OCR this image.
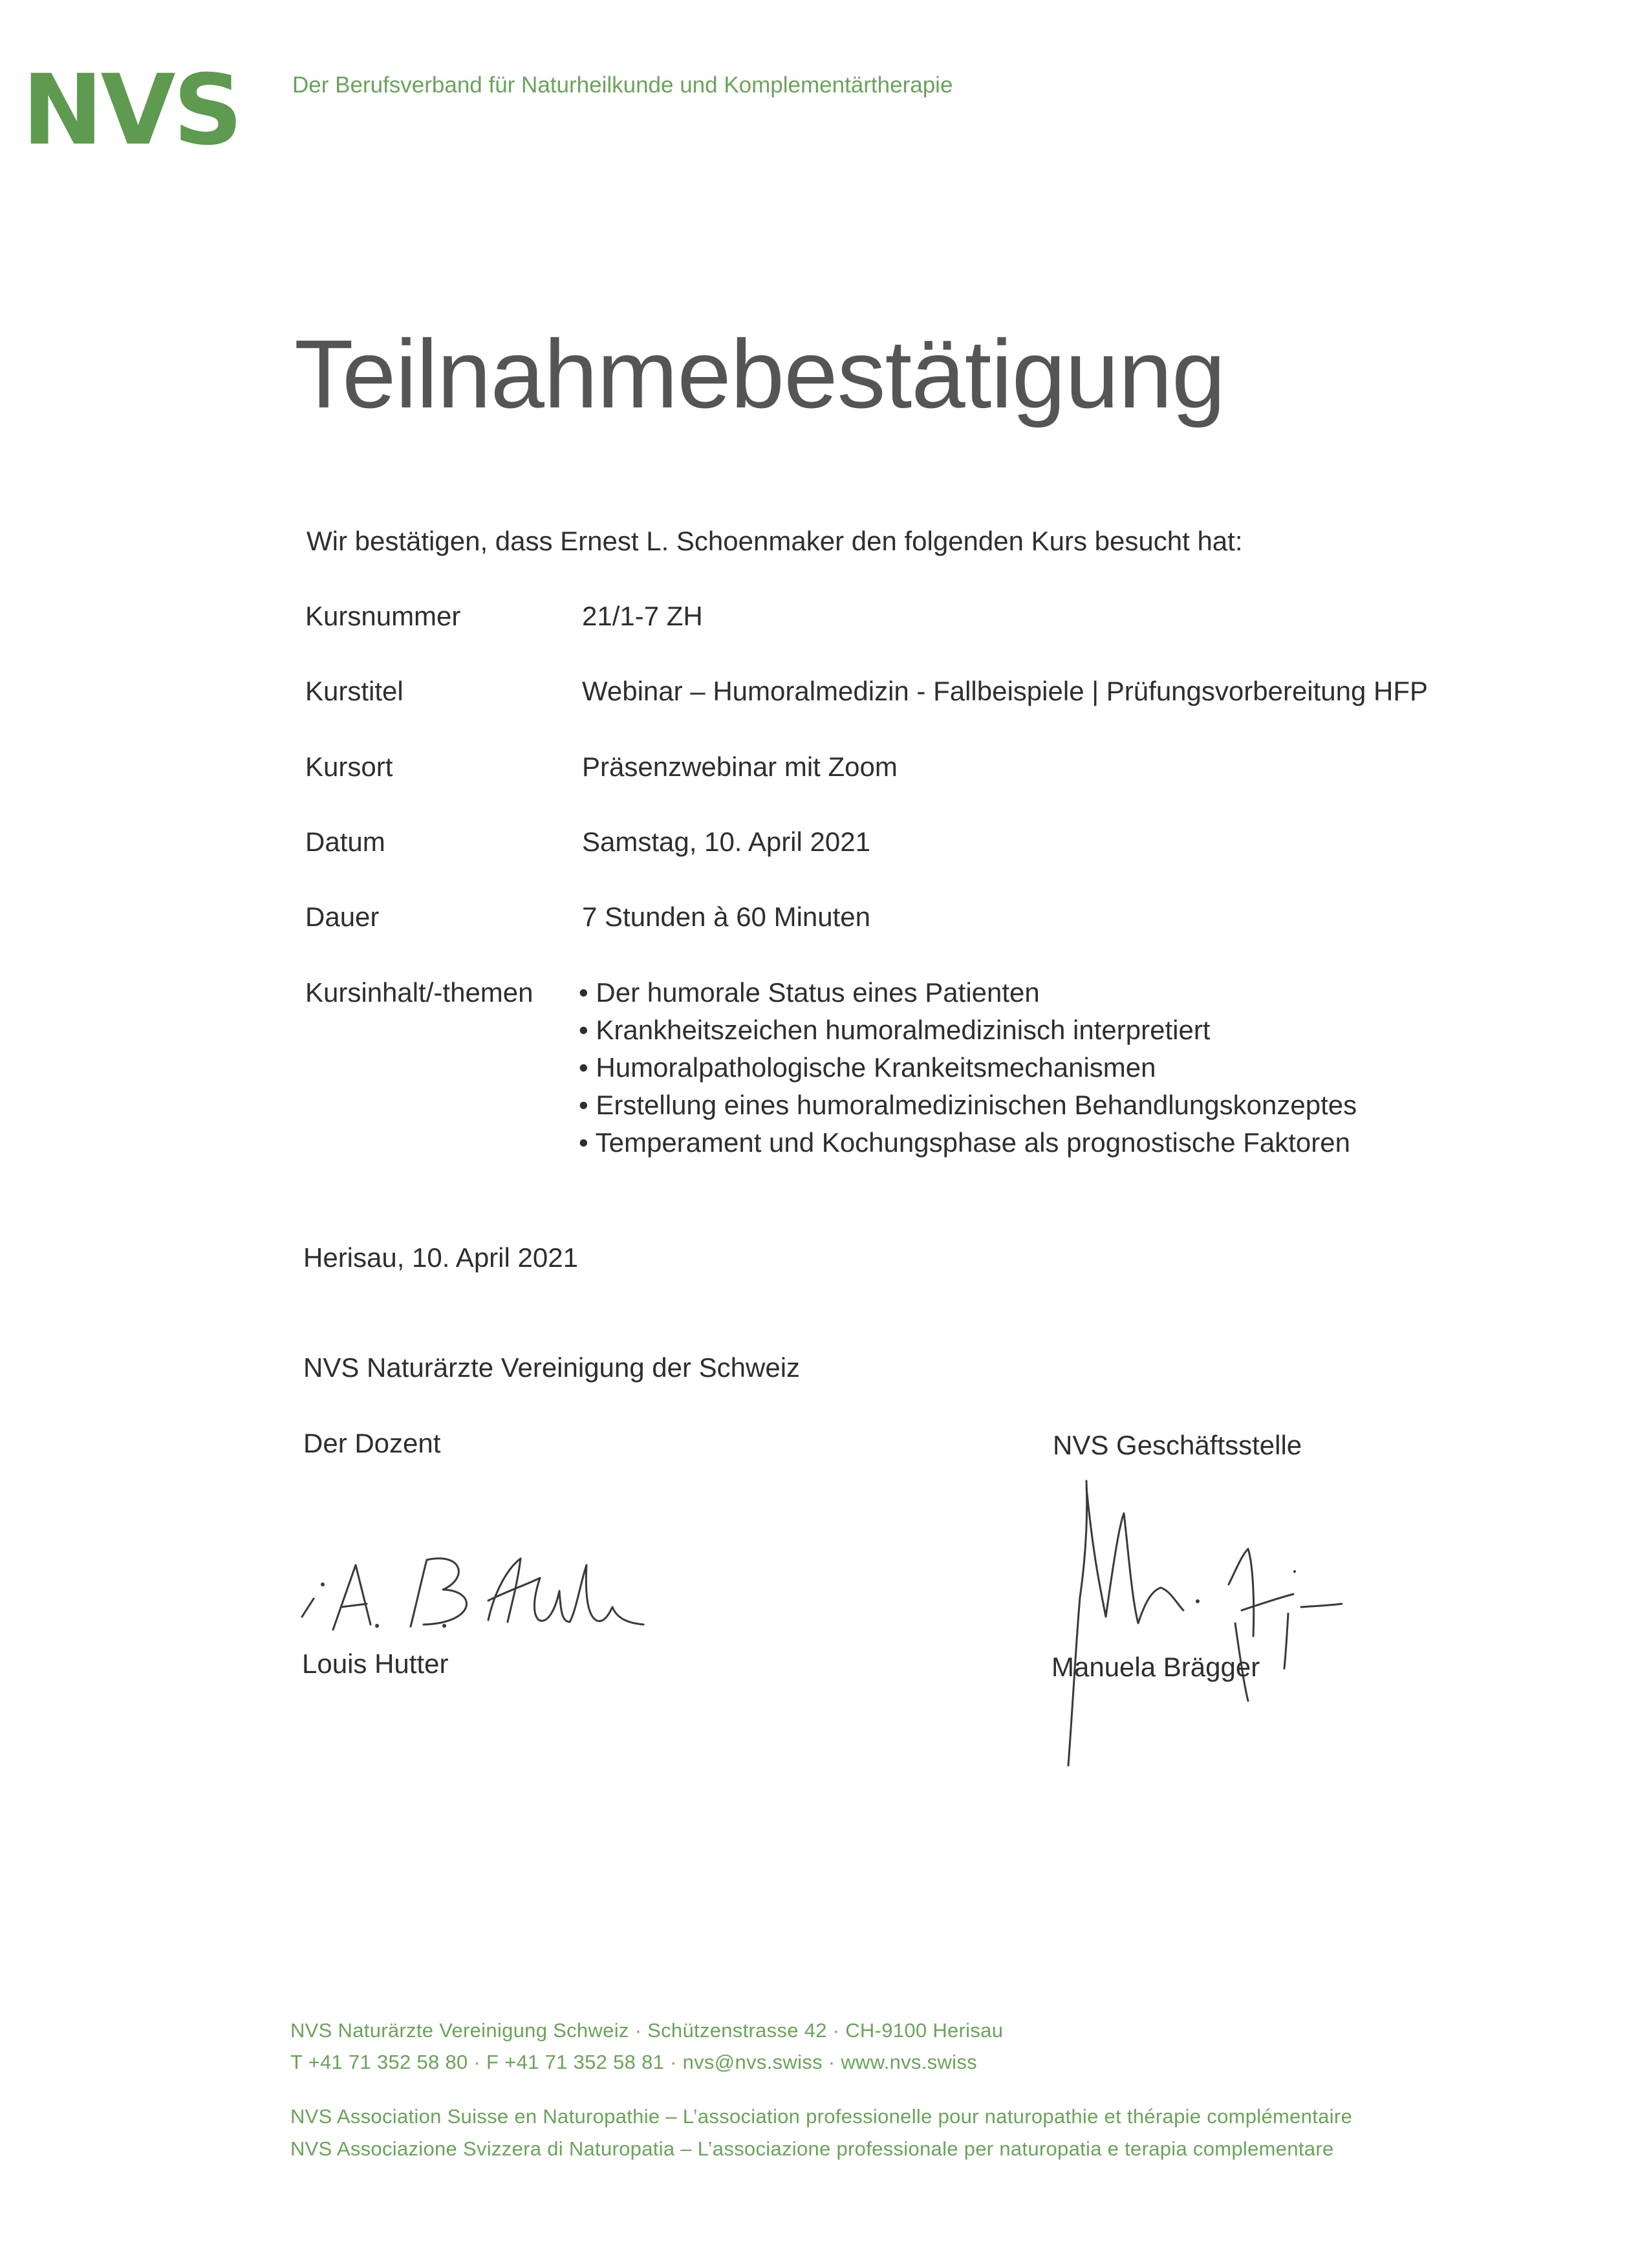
NVS Der Berufsverband für Naturheilkunde und Komplementärtherapie
Teilnahmebestätigung
Wir bestätigen, dass Ernest L. Schoenmaker den folgenden Kurs besucht hat:
Kursnummer	21/1-7 ZH
Kurstitel	Webinar – Humoralmedizin - Fallbeispiele | Prüfungsvorbereitung HFP
Kursort	Präsenzwebinar mit Zoom
Datum	Samstag, 10. April 2021
Dauer	7 Stunden à 60 Minuten
Kursinhalt/-themen • Der humorale Status eines Patienten
• Krankheitszeichen humoralmedizinisch interpretiert
• Humoralpathologische Krankeitsmechanismen
• Erstellung eines humoralmedizinischen Behandlungskonzeptes
• Temperament und Kochungsphase als prognostische Faktoren
Herisau, 10. April 2021
NVS Naturärzte Vereinigung der Schweiz
Der Dozent	NVS Geschäftsstelle
Louis Hutter	Manuela Brägger
NVS Naturärzte Vereinigung Schweiz · Schützenstrasse 42 · CH-9100 Herisau
T +41 71 352 58 80 · F +41 71 352 58 81 · nvs@nvs.swiss · www.nvs.swiss
NVS Association Suisse en Naturopathie – L’association professionelle pour naturopathie et thérapie complémentaire
NVS Associazione Svizzera di Naturopatia – L’associazione professionale per naturopatia e terapia complementare
